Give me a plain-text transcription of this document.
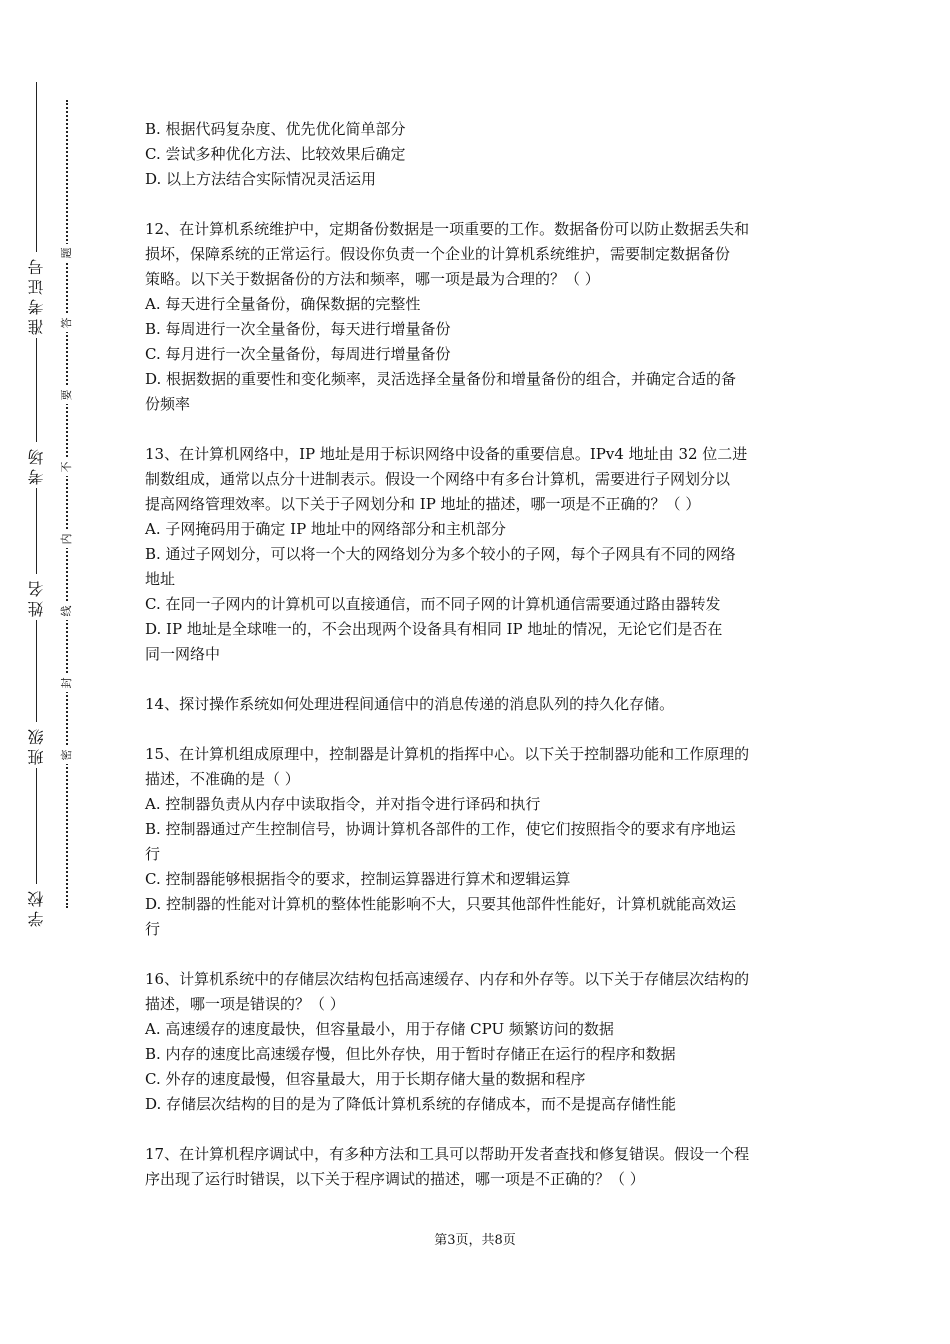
准考证号
考场
姓名
班级
学校
题
答
要
不
内
线
封
密
B. 根据代码复杂度、优先优化简单部分
C. 尝试多种优化方法、比较效果后确定
D. 以上方法结合实际情况灵活运用
12、在计算机系统维护中，定期备份数据是一项重要的工作。数据备份可以防止数据丢失和
损坏，保障系统的正常运行。假设你负责一个企业的计算机系统维护，需要制定数据备份
策略。以下关于数据备份的方法和频率，哪一项是最为合理的？（ ）
A. 每天进行全量备份，确保数据的完整性
B. 每周进行一次全量备份，每天进行增量备份
C. 每月进行一次全量备份，每周进行增量备份
D. 根据数据的重要性和变化频率，灵活选择全量备份和增量备份的组合，并确定合适的备
份频率
13、在计算机网络中，IP 地址是用于标识网络中设备的重要信息。IPv4 地址由 32 位二进
制数组成，通常以点分十进制表示。假设一个网络中有多台计算机，需要进行子网划分以
提高网络管理效率。以下关于子网划分和 IP 地址的描述，哪一项是不正确的？（ ）
A. 子网掩码用于确定 IP 地址中的网络部分和主机部分
B. 通过子网划分，可以将一个大的网络划分为多个较小的子网，每个子网具有不同的网络
地址
C. 在同一子网内的计算机可以直接通信，而不同子网的计算机通信需要通过路由器转发
D. IP 地址是全球唯一的，不会出现两个设备具有相同 IP 地址的情况，无论它们是否在
同一网络中
14、探讨操作系统如何处理进程间通信中的消息传递的消息队列的持久化存储。
15、在计算机组成原理中，控制器是计算机的指挥中心。以下关于控制器功能和工作原理的
描述，不准确的是（ ）
A. 控制器负责从内存中读取指令，并对指令进行译码和执行
B. 控制器通过产生控制信号，协调计算机各部件的工作，使它们按照指令的要求有序地运
行
C. 控制器能够根据指令的要求，控制运算器进行算术和逻辑运算
D. 控制器的性能对计算机的整体性能影响不大，只要其他部件性能好，计算机就能高效运
行
16、计算机系统中的存储层次结构包括高速缓存、内存和外存等。以下关于存储层次结构的
描述，哪一项是错误的？（ ）
A. 高速缓存的速度最快，但容量最小，用于存储 CPU 频繁访问的数据
B. 内存的速度比高速缓存慢，但比外存快，用于暂时存储正在运行的程序和数据
C. 外存的速度最慢，但容量最大，用于长期存储大量的数据和程序
D. 存储层次结构的目的是为了降低计算机系统的存储成本，而不是提高存储性能
17、在计算机程序调试中，有多种方法和工具可以帮助开发者查找和修复错误。假设一个程
序出现了运行时错误，以下关于程序调试的描述，哪一项是不正确的？（ ）
第3页，共8页
